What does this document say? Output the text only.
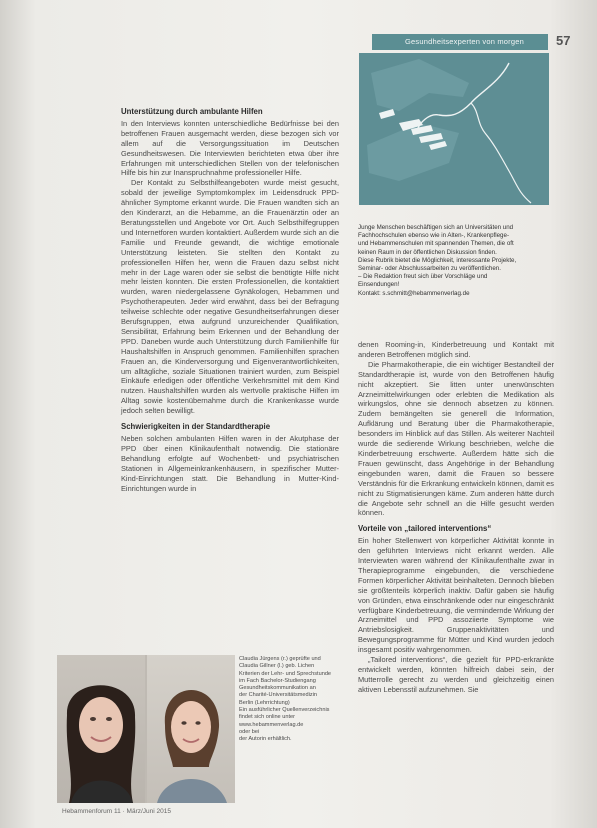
Gesundheitsexperten von morgen 57
Junge Menschen beschäftigen sich an Universitäten und
Fachhochschulen ebenso wie in Alten-, Krankenpflege-
und Hebammenschulen mit spannenden Themen, die oft
keinen Raum in der öffentlichen Diskussion finden.
Diese Rubrik bietet die Möglichkeit, interessante Projekte,
Seminar- oder Abschlussarbeiten zu veröffentlichen.
– Die Redaktion freut sich über Vorschläge und
Einsendungen!
Kontakt: s.schmitt@hebammenverlag.de
Unterstützung durch ambulante Hilfen

In den Interviews konnten unterschiedliche Bedürfnisse bei den betroffenen Frauen ausgemacht werden, diese bezogen sich vor allem auf die Versorgungssituation im Deutschen Gesundheitswesen. Die Interviewten berichteten etwa über ihre Erfahrungen mit unterschiedlichen Stellen von der telefonischen Hilfe bis hin zur Inanspruchnahme professioneller Hilfe.

Der Kontakt zu Selbsthilfeangeboten wurde meist gesucht, sobald der jeweilige Symptomkomplex im Leidensdruck PPD-ähnlicher Symptome erkannt wurde. Die Frauen wandten sich an den Kinderarzt, an die Hebamme, an die Frauenärztin oder an Beratungsstellen und Angebote vor Ort. Auch Selbsthilfegruppen und Internetforen wurden kontaktiert. Außerdem wurde sich an die Familie und Freunde gewandt, die wichtige emotionale Unterstützung leisteten. Sie stellten den Kontakt zu professionellen Hilfen her, wenn die Frauen dazu selbst nicht mehr in der Lage waren oder sie selbst die benötigte Hilfe nicht mehr leisten konnten. Die ersten Professionellen, die kontaktiert wurden, waren niedergelassene Gynäkologen, Hebammen und Psychotherapeuten. Jeder wird erwähnt, dass bei der Befragung teilweise schlechte oder negative Gesundheitserfahrungen dieser Berufsgruppen, etwa aufgrund unzureichender Qualifikation, Sensibilität, Erfahrung beim Erkennen und der Behandlung der PPD. Daneben wurde auch Unterstützung durch Familienhilfe für Haushaltshilfen in Anspruch genommen. Familienhilfen sprachen Frauen an, die Kinderversorgung und Eigenverantwortlichkeiten, um alltägliche, soziale Situationen trainiert wurden, zum Beispiel Einkäufe erledigen oder öffentliche Verkehrsmittel mit dem Kind nutzen. Haushaltshilfen wurden als wertvolle praktische Hilfen im Alltag sowie kostenübernahme durch die Krankenkasse wurde jedoch selten bewilligt.

Schwierigkeiten in der Standardtherapie

Neben solchen ambulanten Hilfen waren in der Akutphase der PPD über einen Klinikaufenthalt notwendig. Die stationäre Behandlung erfolgte auf Wochenbett- und psychiatrischen Stationen in Allgemeinkrankenhäusern, in spezifischer Mutter-Kind-Einrichtungen statt. Die Behandlung in Mutter-Kind-Einrichtungen wurde in

denen Rooming-in, Kinderbetreuung und Kontakt mit anderen Betroffenen möglich sind.

Die Pharmakotherapie, die ein wichtiger Bestandteil der Standardtherapie ist, wurde von den Betroffenen häufig nicht akzeptiert. Sie litten unter unerwünschten Arzneimittelwirkungen oder erlebten die Medikation als wirkungslos, ohne sie dennoch absetzen zu können. Zudem bemängelten sie generell die Information, Aufklärung und Beratung über die Pharmakotherapie, besonders im Hinblick auf das Stillen. Als weiterer Nachteil wurde die sedierende Wirkung beschrieben, welche die Kinderbetreuung erschwerte. Außerdem hätte sich die Frauen gewünscht, dass Angehörige in der Behandlung eingebunden waren, damit die Frauen so bessere Verständnis für die Erkrankung entwickeln können, damit es nicht zu Stigmatisierungen käme. Zum anderen hätte durch die Angebote sehr schnell an die Hilfe gesucht werden können.

Vorteile von „tailored interventions“

Ein hoher Stellenwert von körperlicher Aktivität konnte in den geführten Interviews nicht erkannt werden. Alle Interviewten waren während der Klinikaufenthalte zwar in Therapieprogramme eingebunden, die verschiedene Formen körperlicher Aktivität beinhalteten. Dennoch blieben sie größtenteils körperlich inaktiv. Dafür gaben sie häufig von Gründen, etwa einschränkende oder nur eingeschränkt verfügbare Kinderbetreuung, die vermindernde Wirkung der Arzneimittel und PPD assoziierte Symptome wie Antriebslosigkeit. Gruppenaktivitäten und Bewegungsprogramme für Mütter und Kind wurden jedoch insgesamt positiv wahrgenommen.

„Tailored interventions“, die gezielt für PPD-erkrankte entwickelt werden, könnten hilfreich dabei sein, der Mutterrolle gerecht zu werden und gleichzeitig einen aktiven Lebensstil aufzunehmen. Sie

Claudia Jürgens (r.) geprüfte und
Claudia Gillner (l.) geb. Lichen
Kriterien der Lehr- und Sprechstunde
im Fach Bachelor-Studiengang
Gesundheitskommunikation an
der Charité-Universitätsmedizin
Berlin (Lehrrichtung)
Ein ausführlicher Quellenverzeichnis
findet sich online unter
www.hebammenverlag.de
oder bei
der Autorin erhältlich.
Hebammenforum 11 · März/Juni 2015
